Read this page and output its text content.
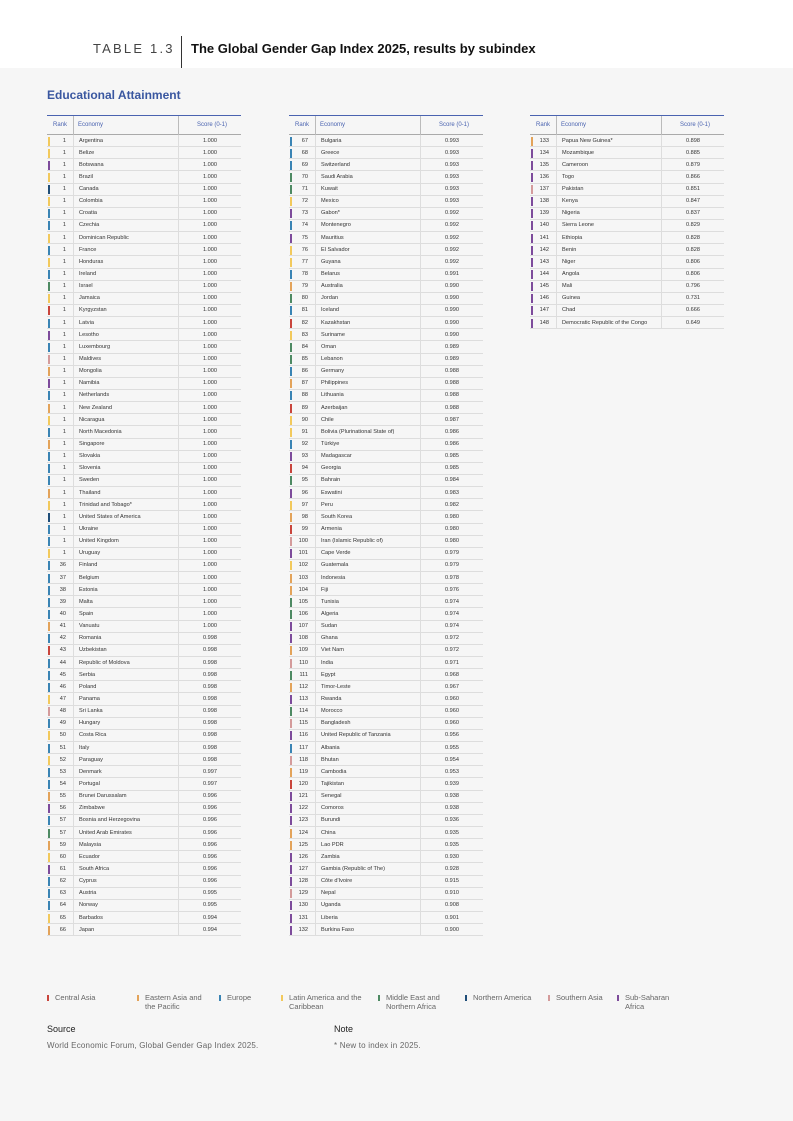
TABLE 1.3 The Global Gender Gap Index 2025, results by subindex
Educational Attainment
Rank Economy	Score (0-1)
1 Argentina	1.000
1 Belize	1.000
1 Botswana	1.000
1 Brazil	1.000
1 Canada	1.000
1 Colombia	1.000
1 Croatia	1.000
1 Czechia	1.000
1 Dominican Republic	1.000
1 France	1.000
1 Honduras	1.000
1 Ireland	1.000
1 Israel	1.000
1 Jamaica	1.000
1 Kyrgyzstan	1.000
1 Latvia	1.000
1 Lesotho	1.000
1 Luxembourg	1.000
1 Maldives	1.000
1 Mongolia	1.000
1 Namibia	1.000
1 Netherlands	1.000
1 New Zealand	1.000
1 Nicaragua	1.000
1 North Macedonia	1.000
1 Singapore	1.000
1 Slovakia	1.000
1 Slovenia	1.000
1 Sweden	1.000
1 Thailand	1.000
1 Trinidad and Tobago*	1.000
1 United States of America	1.000
1 Ukraine	1.000
1 United Kingdom	1.000
1 Uruguay	1.000
36 Finland	1.000
37 Belgium	1.000
38 Estonia	1.000
39 Malta	1.000
40 Spain	1.000
41 Vanuatu	1.000
42 Romania	0.998
43 Uzbekistan	0.998
44 Republic of Moldova	0.998
45 Serbia	0.998
46 Poland	0.998
47 Panama	0.998
48 Sri Lanka	0.998
49 Hungary	0.998
50 Costa Rica	0.998
51 Italy	0.998
52 Paraguay	0.998
53 Denmark	0.997
54 Portugal	0.997
55 Brunei Darussalam	0.996
56 Zimbabwe	0.996
57 Bosnia and Herzegovina	0.996
57 United Arab Emirates	0.996
59 Malaysia	0.996
60 Ecuador	0.996
61 South Africa	0.996
62 Cyprus	0.996
63 Austria	0.995
64 Norway	0.995
65 Barbados	0.994
66 Japan	0.994
Rank Economy	Score (0-1)
67 Bulgaria	0.993
68 Greece	0.993
69 Switzerland	0.993
70 Saudi Arabia	0.993
71 Kuwait	0.993
72 Mexico	0.993
73 Gabon*	0.992
74 Montenegro	0.992
75 Mauritius	0.992
76 El Salvador	0.992
77 Guyana	0.992
78 Belarus	0.991
79 Australia	0.990
80 Jordan	0.990
81 Iceland	0.990
82 Kazakhstan	0.990
83 Suriname	0.990
84 Oman	0.989
85 Lebanon	0.989
86 Germany	0.988
87 Philippines	0.988
88 Lithuania	0.988
89 Azerbaijan	0.988
90 Chile	0.987
91 Bolivia (Plurinational State of)	0.986
92 Türkiye	0.986
93 Madagascar	0.985
94 Georgia	0.985
95 Bahrain	0.984
96 Eswatini	0.983
97 Peru	0.982
98 South Korea	0.980
99 Armenia	0.980
100 Iran (Islamic Republic of)	0.980
101 Cape Verde	0.979
102 Guatemala	0.979
103 Indonesia	0.978
104 Fiji	0.976
105 Tunisia	0.974
106 Algeria	0.974
107 Sudan	0.974
108 Ghana	0.972
109 Viet Nam	0.972
110 India	0.971
111 Egypt	0.968
112 Timor-Leste	0.967
113 Rwanda	0.960
114 Morocco	0.960
115 Bangladesh	0.960
116 United Republic of Tanzania	0.956
117 Albania	0.955
118 Bhutan	0.954
119 Cambodia	0.953
120 Tajikistan	0.939
121 Senegal	0.938
122 Comoros	0.938
123 Burundi	0.936
124 China	0.935
125 Lao PDR	0.935
126 Zambia	0.930
127 Gambia (Republic of The)	0.928
128 Côte d'Ivoire	0.915
129 Nepal	0.910
130 Uganda	0.908
131 Liberia	0.901
132 Burkina Faso	0.900
Rank Economy	Score (0-1)
133 Papua New Guinea*	0.898
134 Mozambique	0.885
135 Cameroon	0.879
136 Togo	0.866
137 Pakistan	0.851
138 Kenya	0.847
139 Nigeria	0.837
140 Sierra Leone	0.829
141 Ethiopia	0.828
142 Benin	0.828
143 Niger	0.806
144 Angola	0.806
145 Mali	0.796
146 Guinea	0.731
147 Chad	0.666
148 Democratic Republic of the Congo	0.649
Central Asia	Eastern Asia and the Pacific
Europe	Latin America and the Caribbean
Middle East and Northern Africa
Northern America	Southern Asia	Sub-Saharan Africa
Source
World Economic Forum, Global Gender Gap Index 2025.
Note
* New to index in 2025.
